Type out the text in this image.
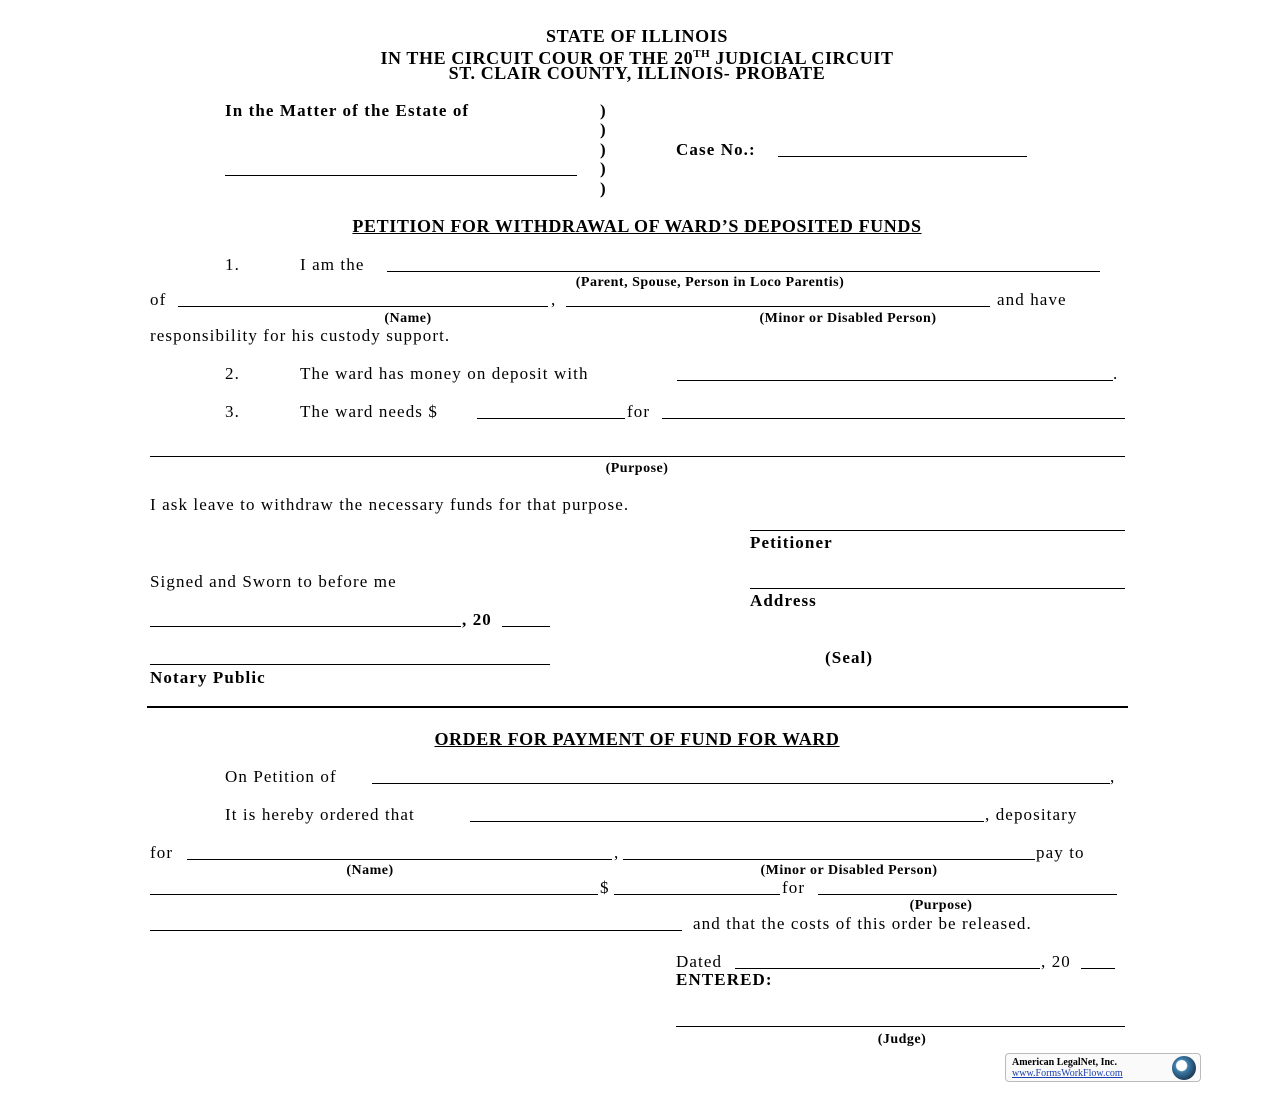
STATE OF ILLINOIS
IN THE CIRCUIT COUR OF THE 20TH JUDICIAL CIRCUIT
ST. CLAIR COUNTY, ILLINOIS- PROBATE
In the Matter of the Estate of	)
)
)
)
)
Case No.:
PETITION FOR WITHDRAWAL OF WARD’S DEPOSITED FUNDS
1.	I am the
(Parent, Spouse, Person in Loco Parentis)
of	,	and have
(Name)	(Minor or Disabled Person)
responsibility for his custody support.
2.	The ward has money on deposit with	.
3.	The ward needs $	for
(Purpose)
I ask leave to withdraw the necessary funds for that purpose.
Petitioner
Signed and Sworn to before me
Address
, 20
(Seal)
Notary Public
ORDER FOR PAYMENT OF FUND FOR WARD
On Petition of	,
It is hereby ordered that	, depositary
for	,	pay to
(Name)	(Minor or Disabled Person)
$	for
(Purpose)
and that the costs of this order be released.
Dated	, 20
ENTERED:
(Judge)
American LegalNet, Inc.
www.FormsWorkFlow.com
